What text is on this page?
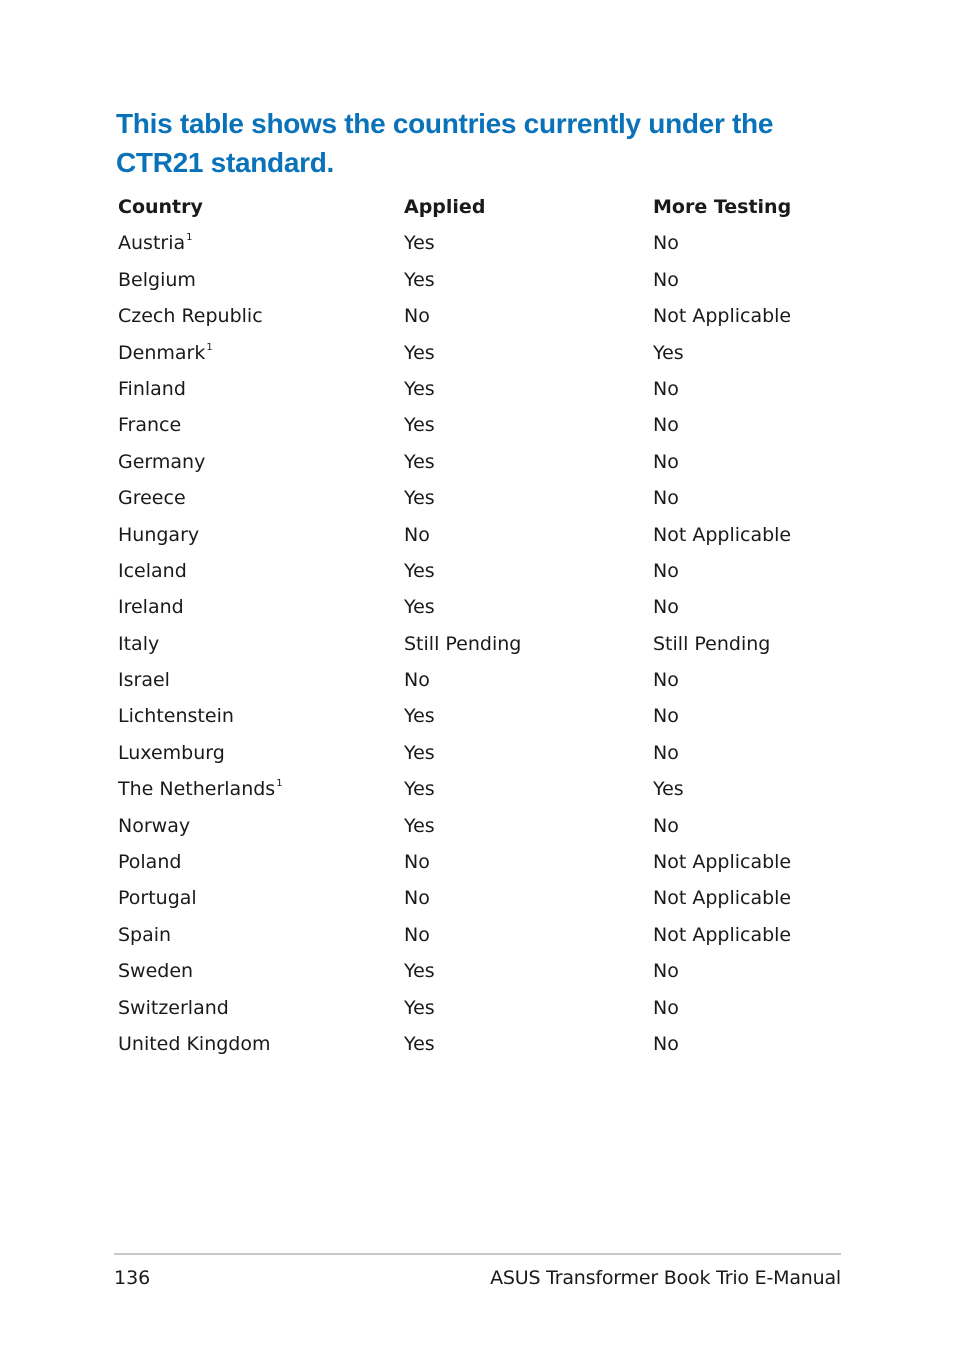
This table shows the countries currently under the CTR21 standard.
Country	Applied	More Testing
Austria$^1$	Yes	No
Belgium	Yes	No
Czech Republic	No	Not Applicable
Denmark$^1$	Yes	Yes
Finland	Yes	No
France	Yes	No
Germany	Yes	No
Greece	Yes	No
Hungary	No	Not Applicable
Iceland	Yes	No
Ireland	Yes	No
Italy	Still Pending	Still Pending
Israel	No	No
Lichtenstein	Yes	No
Luxemburg	Yes	No
The Netherlands$^1$	Yes	Yes
Norway	Yes	No
Poland	No	Not Applicable
Portugal	No	Not Applicable
Spain	No	Not Applicable
Sweden	Yes	No
Switzerland	Yes	No
United Kingdom	Yes	No
136	ASUS Transformer Book Trio E-Manual
